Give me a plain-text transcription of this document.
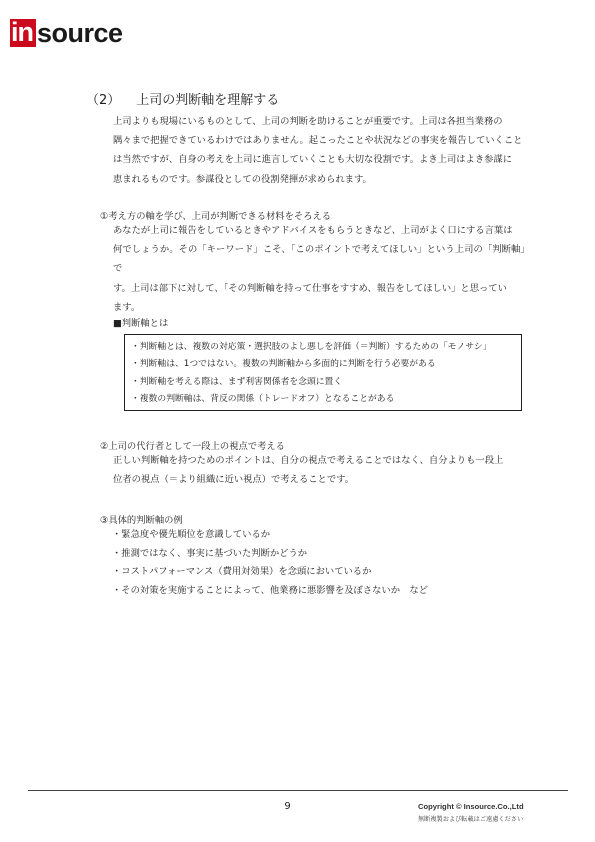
in source
（2） 上司の判断軸を理解する
上司よりも現場にいるものとして、上司の判断を助けることが重要です。上司は各担当業務の
隅々まで把握できているわけではありません。起こったことや状況などの事実を報告していくこと
は当然ですが、自身の考えを上司に進言していくことも大切な役割です。よき上司はよき参謀に
恵まれるものです。参謀役としての役割発揮が求められます。
①考え方の軸を学び、上司が判断できる材料をそろえる
あなたが上司に報告をしているときやアドバイスをもらうときなど、上司がよく口にする言葉は
何でしょうか。その「キーワード」こそ、「このポイントで考えてほしい」という上司の「判断軸」で
す。上司は部下に対して、「その判断軸を持って仕事をすすめ、報告をしてほしい」と思ってい
ます。
■判断軸とは
・判断軸とは、複数の対応策・選択肢のよし悪しを評価（＝判断）するための「モノサシ」
・判断軸は、1つではない。複数の判断軸から多面的に判断を行う必要がある
・判断軸を考える際は、まず利害関係者を念頭に置く
・複数の判断軸は、背反の関係（トレードオフ）となることがある
②上司の代行者として一段上の視点で考える
正しい判断軸を持つためのポイントは、自分の視点で考えることではなく、自分よりも一段上
位者の視点（＝より組織に近い視点）で考えることです。
③具体的判断軸の例
・緊急度や優先順位を意識しているか
・推測ではなく、事実に基づいた判断かどうか
・コストパフォーマンス（費用対効果）を念頭においているか
・その対策を実施することによって、他業務に悪影響を及ぼさないか　など
9	Copyright © Insource.Co.,Ltd
無断複製および転載はご遠慮ください
